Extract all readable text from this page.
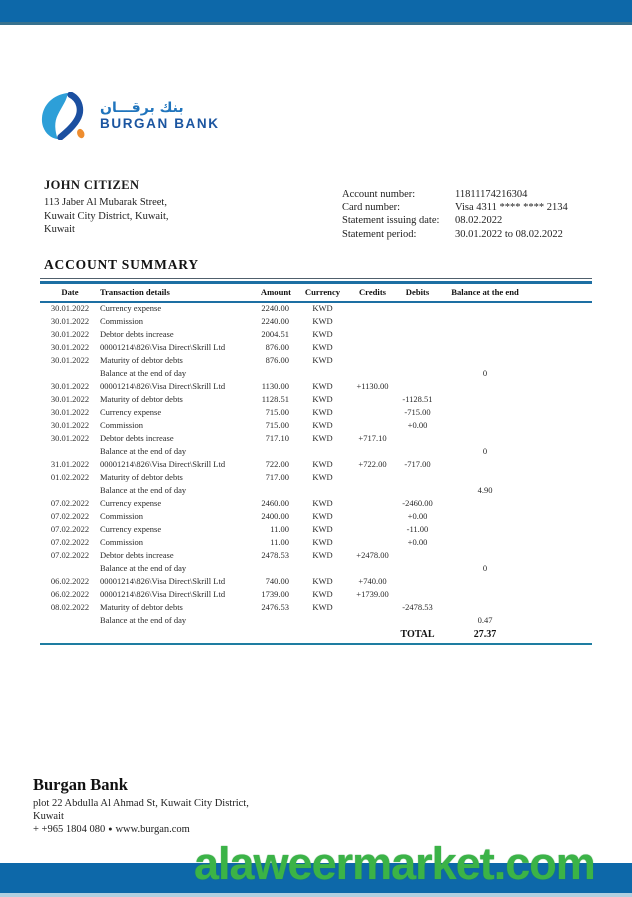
بنك برقـــان
BURGAN BANK
JOHN CITIZEN
113 Jaber Al Mubarak Street,
Kuwait City District, Kuwait,
Kuwait
Account number:	11811174216304
Card number:	Visa 4311 **** **** 2134
Statement issuing date:	08.02.2022
Statement period:	30.01.2022 to 08.02.2022
ACCOUNT SUMMARY
Date	Transaction details	Amount	Currency	Credits	Debits	Balance at the end	
30.01.2022	Currency expense	2240.00	KWD				
30.01.2022	Commission	2240.00	KWD				
30.01.2022	Debtor debts increase	2004.51	KWD				
30.01.2022	00001214\826\Visa Direct\Skrill Ltd	876.00	KWD				
30.01.2022	Maturity of debtor debts	876.00	KWD				
	Balance at the end of day					0	
30.01.2022	00001214\826\Visa Direct\Skrill Ltd	1130.00	KWD	+1130.00			
30.01.2022	Maturity of debtor debts	1128.51	KWD		-1128.51		
30.01.2022	Currency expense	715.00	KWD		-715.00		
30.01.2022	Commission	715.00	KWD		+0.00		
30.01.2022	Debtor debts increase	717.10	KWD	+717.10			
	Balance at the end of day					0	
31.01.2022	00001214\826\Visa Direct\Skrill Ltd	722.00	KWD	+722.00	-717.00		
01.02.2022	Maturity of debtor debts	717.00	KWD				
	Balance at the end of day					4.90	
07.02.2022	Currency expense	2460.00	KWD		-2460.00		
07.02.2022	Commission	2400.00	KWD		+0.00		
07.02.2022	Currency expense	11.00	KWD		-11.00		
07.02.2022	Commission	11.00	KWD		+0.00		
07.02.2022	Debtor debts increase	2478.53	KWD	+2478.00			
	Balance at the end of day					0	
06.02.2022	00001214\826\Visa Direct\Skrill Ltd	740.00	KWD	+740.00			
06.02.2022	00001214\826\Visa Direct\Skrill Ltd	1739.00	KWD	+1739.00			
08.02.2022	Maturity of debtor debts	2476.53	KWD		-2478.53		
	Balance at the end of day					0.47	
					TOTAL	27.37	
Burgan Bank
plot 22 Abdulla Al Ahmad St, Kuwait City District,
Kuwait
+ +965 1804 080 ● www.burgan.com
alaweermarket.com
